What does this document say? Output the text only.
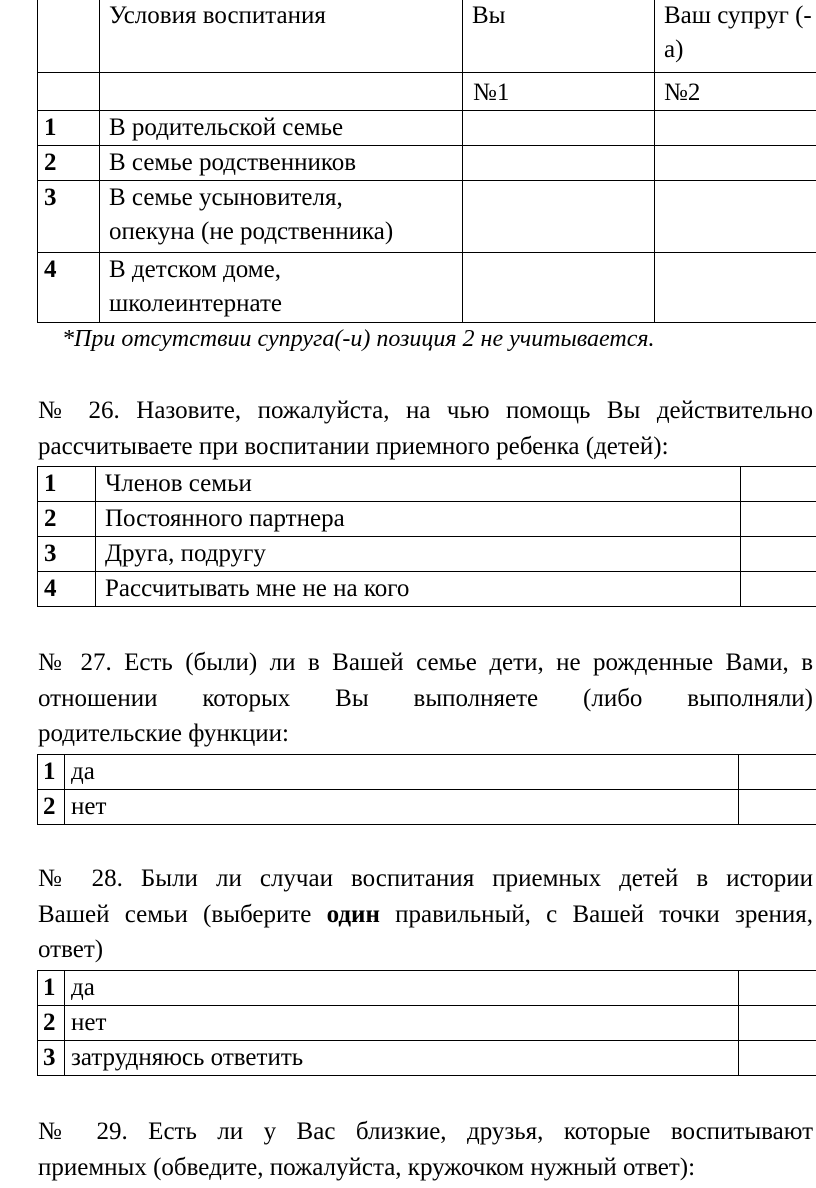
	Условия воспитания	Вы	Ваш супруг (-а)
		№1	№2
1	В родительской семье		
2	В семье родственников		
3	В семье усыновителя, опекуна (не родственника)		
4	В детском доме, школеинтернате		
*При отсутствии супруга(-и) позиция 2 не учитывается.
№ 26. Назовите, пожалуйста, на чью помощь Вы действительно
рассчитываете при воспитании приемного ребенка (детей):
1	Членов семьи	
2	Постоянного партнера	
3	Друга, подругу	
4	Рассчитывать мне не на кого	
№ 27. Есть (были) ли в Вашей семье дети, не рожденные Вами, в
отношении которых Вы выполняете (либо выполняли)
родительские функции:
1	да	
2	нет	
№ 28. Были ли случаи воспитания приемных детей в истории
Вашей семьи (выберите один правильный, с Вашей точки зрения,
ответ)
1	да	
2	нет	
3	затрудняюсь ответить	
№ 29. Есть ли у Вас близкие, друзья, которые воспитывают
приемных (обведите, пожалуйста, кружочком нужный ответ):
